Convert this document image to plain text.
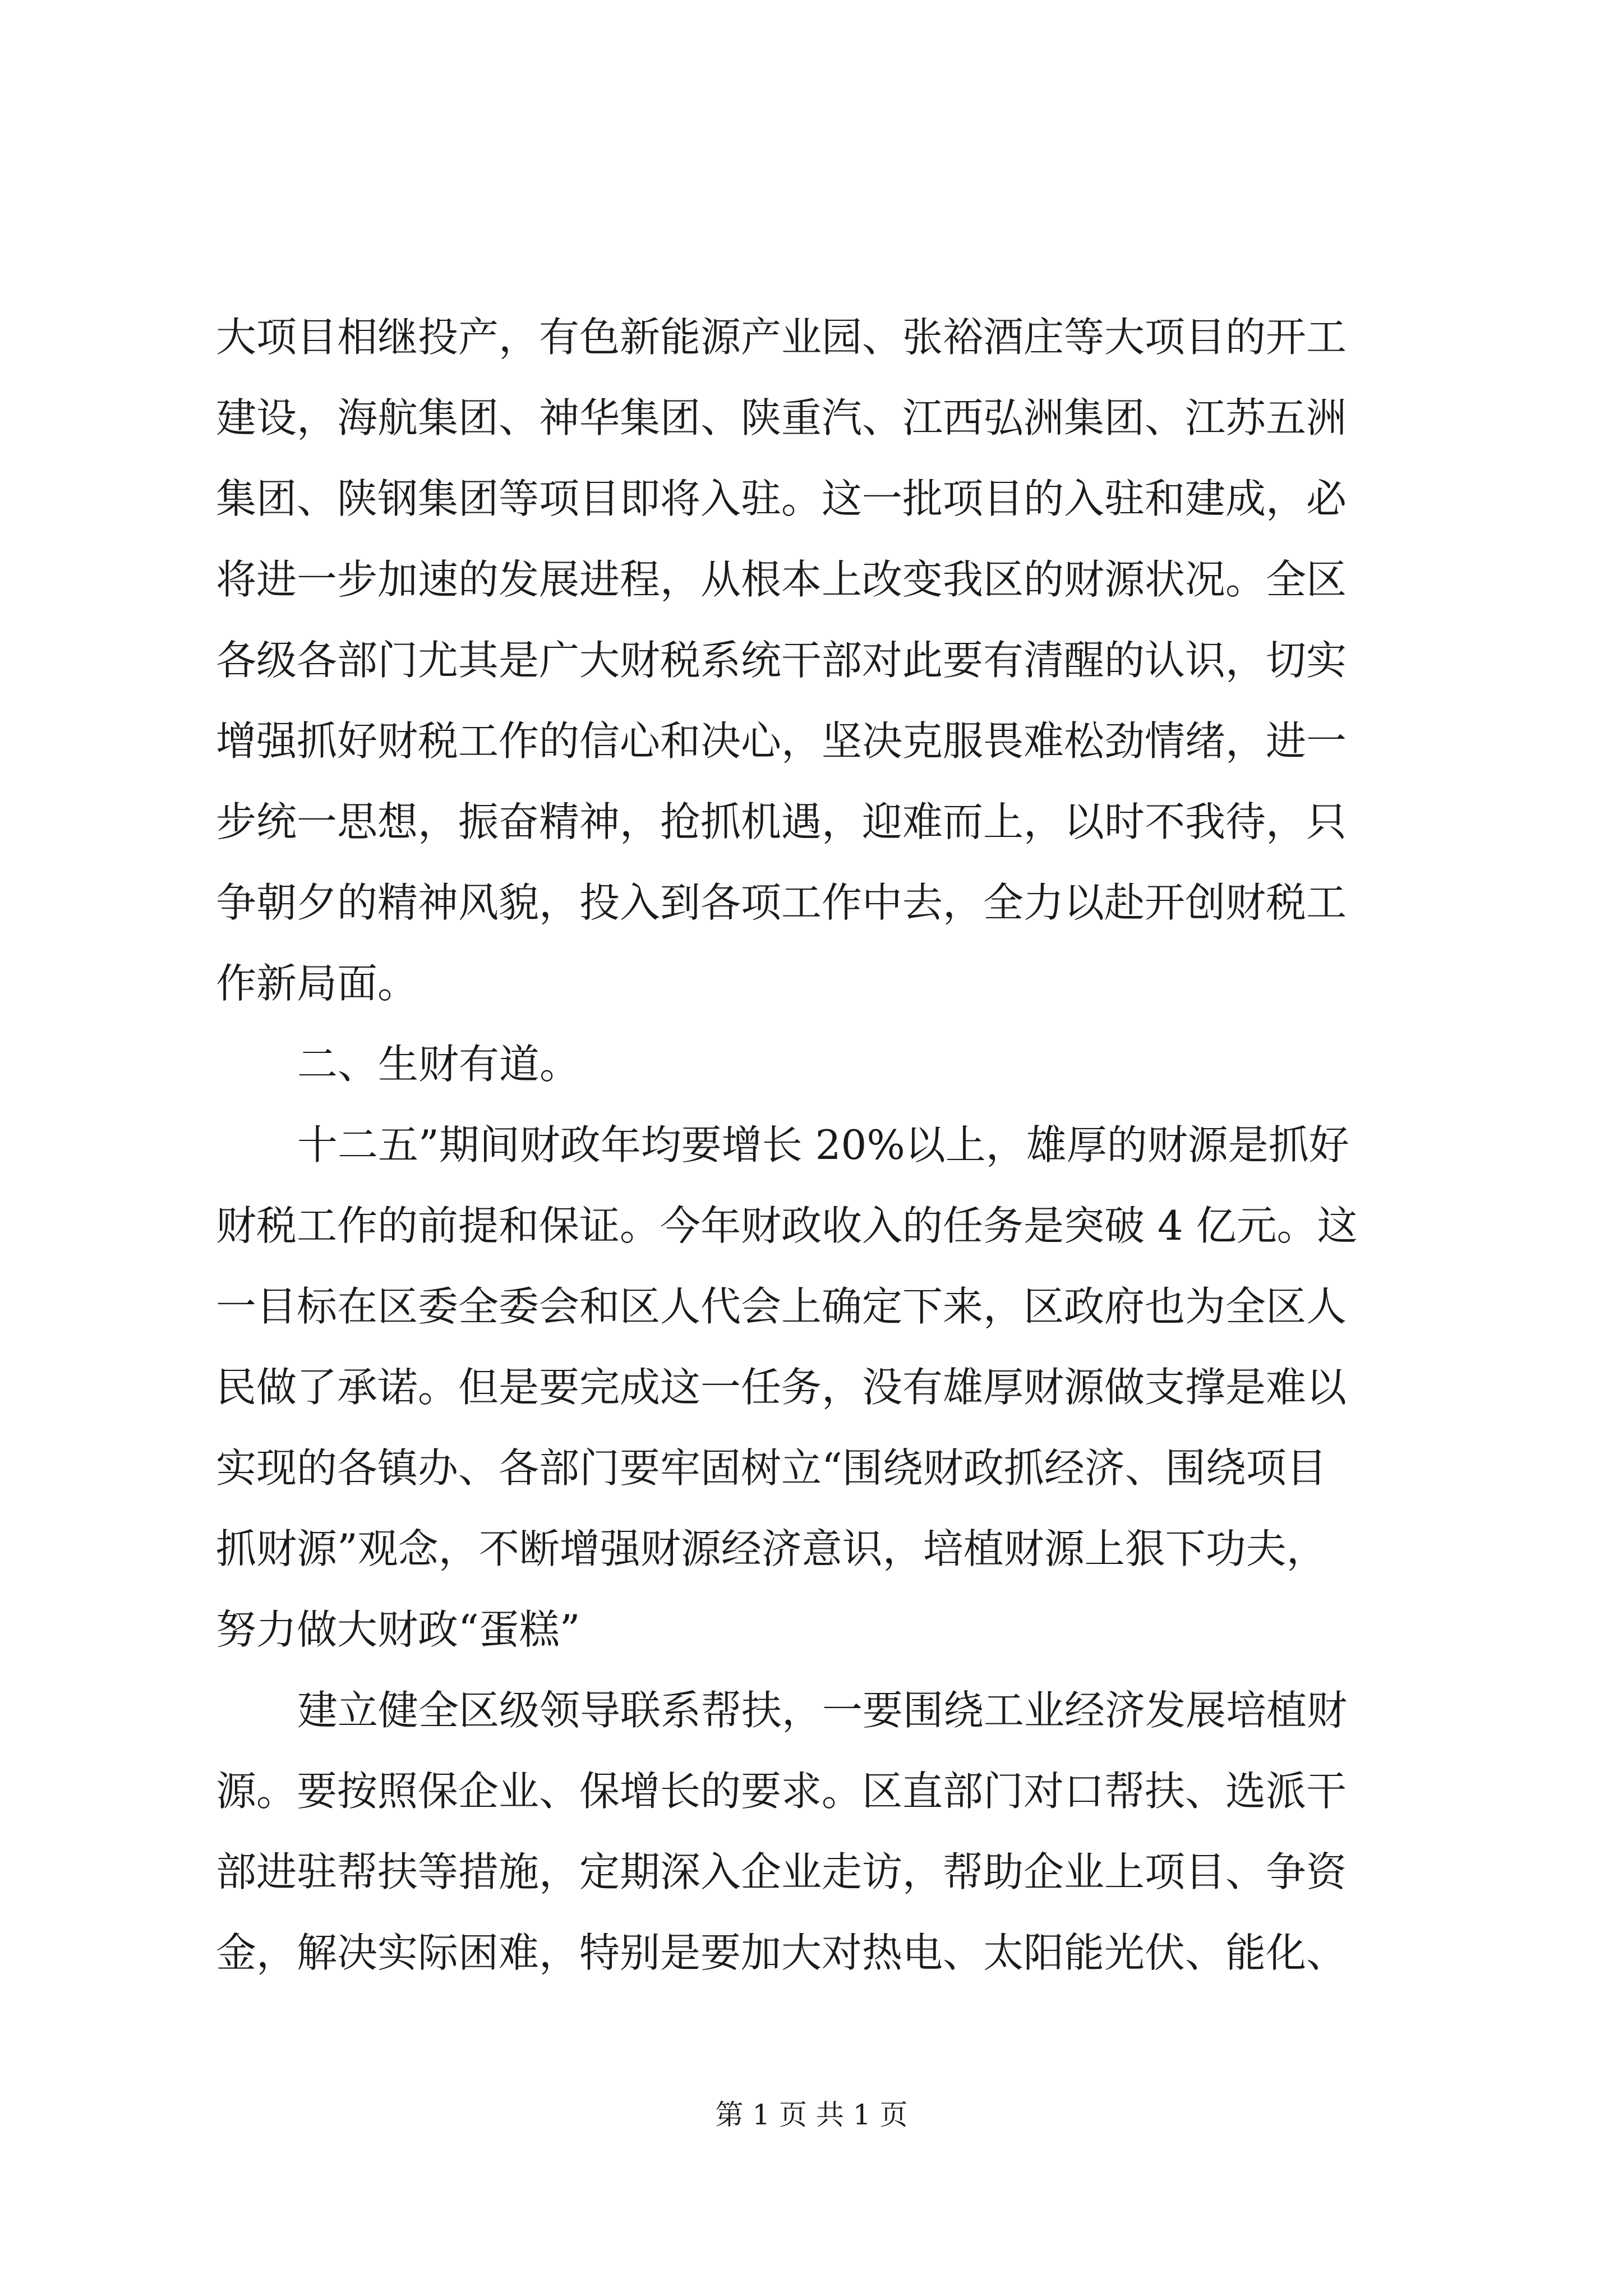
大项目相继投产，有色新能源产业园、张裕酒庄等大项目的开工
建设，海航集团、神华集团、陕重汽、江西弘洲集团、江苏五洲
集团、陕钢集团等项目即将入驻。这一批项目的入驻和建成，必
将进一步加速的发展进程，从根本上改变我区的财源状况。全区
各级各部门尤其是广大财税系统干部对此要有清醒的认识，切实
增强抓好财税工作的信心和决心，坚决克服畏难松劲情绪，进一
步统一思想，振奋精神，抢抓机遇，迎难而上，以时不我待，只
争朝夕的精神风貌，投入到各项工作中去，全力以赴开创财税工
作新局面。
二、生财有道。
十二五”期间财政年均要增长 20%以上，雄厚的财源是抓好
财税工作的前提和保证。今年财政收入的任务是突破 4 亿元。这
一目标在区委全委会和区人代会上确定下来，区政府也为全区人
民做了承诺。但是要完成这一任务，没有雄厚财源做支撑是难以
实现的各镇办、各部门要牢固树立“围绕财政抓经济、围绕项目
抓财源”观念，不断增强财源经济意识，培植财源上狠下功夫，
努力做大财政“蛋糕”
建立健全区级领导联系帮扶，一要围绕工业经济发展培植财
源。要按照保企业、保增长的要求。区直部门对口帮扶、选派干
部进驻帮扶等措施，定期深入企业走访，帮助企业上项目、争资
金，解决实际困难，特别是要加大对热电、太阳能光伏、能化、
第 1 页 共 1 页
